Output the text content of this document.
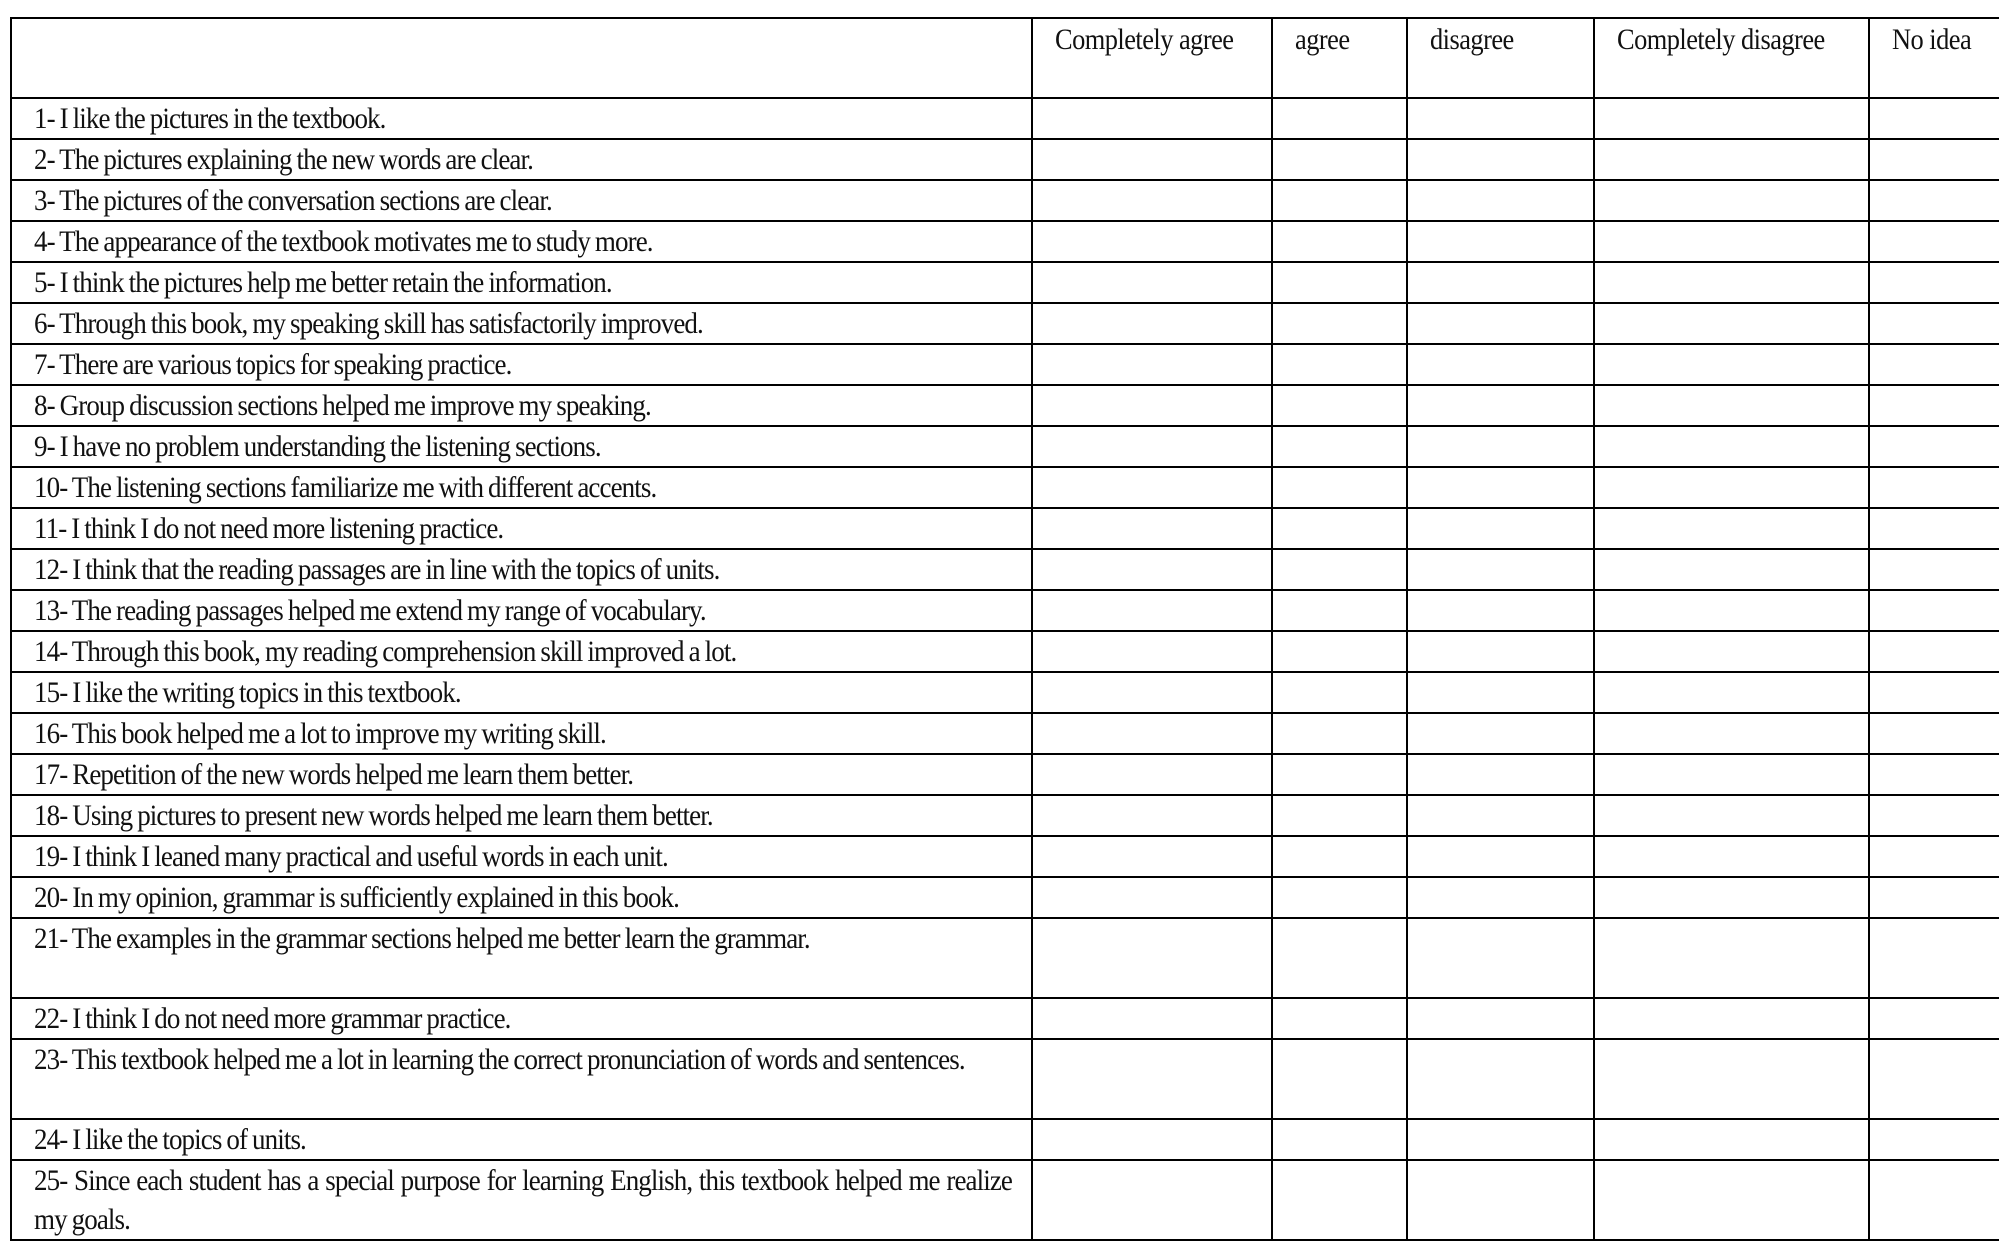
	Completely agree	agree	disagree	Completely disagree	No idea

1- I like the pictures in the textbook.					

2- The pictures explaining the new words are clear.					

3- The pictures of the conversation sections are clear.					

4- The appearance of the textbook motivates me to study more.					

5- I think the pictures help me better retain the information.					

6- Through this book, my speaking skill has satisfactorily improved.					

7- There are various topics for speaking practice.					

8- Group discussion sections helped me improve my speaking.					

9- I have no problem understanding the listening sections.					

10- The listening sections familiarize me with different accents.					

11- I think I do not need more listening practice.					

12- I think that the reading passages are in line with the topics of units.					

13- The reading passages helped me extend my range of vocabulary.					

14- Through this book, my reading comprehension skill improved a lot.					

15- I like the writing topics in this textbook.					

16- This book helped me a lot to improve my writing skill.					

17- Repetition of the new words helped me learn them better.					

18- Using pictures to present new words helped me learn them better.					

19- I think I leaned many practical and useful words in each unit.					

20- In my opinion, grammar is sufficiently explained in this book.					

21- The examples in the grammar sections helped me better learn the grammar.					

22- I think I do not need more grammar practice.					

23- This textbook helped me a lot in learning the correct pronunciation of words and sentences.					

24- I like the topics of units.					

25- Since each student has a special purpose for learning English, this textbook helped me realize my goals.					
